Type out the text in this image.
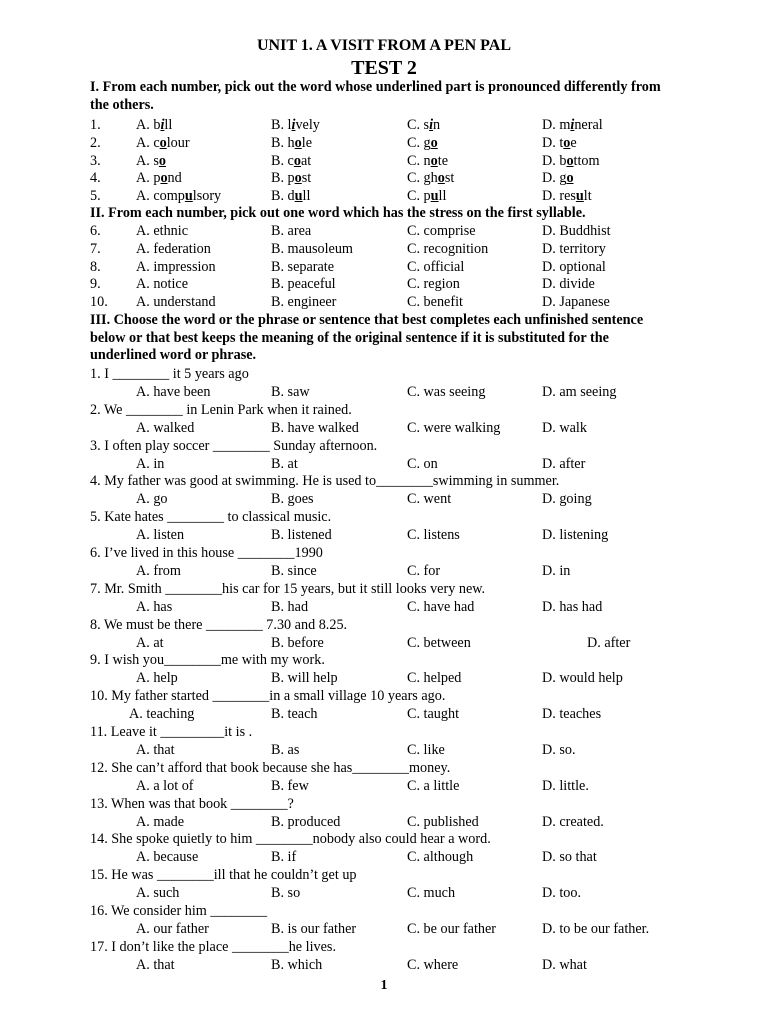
UNIT 1. A VISIT FROM A PEN PAL
TEST 2
I. From each number, pick out the word whose underlined part is pronounced differently from
the others.
1. A. bill	B. lively	C. sin	D. mineral
2. A. colour	B. hole	C. go	D. toe
3. A. so	B. coat	C. note	D. bottom
4. A. pond	B. post	C. ghost	D. go
5. A. compulsory	B. dull	C. pull	D. result
II. From each number, pick out one word which has the stress on the first syllable.
6. A. ethnic	B. area	C. comprise	D. Buddhist
7. A. federation	B. mausoleum	C. recognition	D. territory
8. A. impression	B. separate	C. official	D. optional
9. A. notice	B. peaceful	C. region	D. divide
10. A. understand	B. engineer	C. benefit	D. Japanese
III. Choose the word or the phrase or sentence that best completes each unfinished sentence
below or that best keeps the meaning of the original sentence if it is substituted for the
underlined word or phrase.
1. I ________ it 5 years ago
A. have been	B. saw	C. was seeing	D. am seeing
2. We ________ in Lenin Park when it rained.
A. walked	B. have walked	C. were walking	D. walk
3. I often play soccer ________ Sunday afternoon.
A. in	B. at	C. on	D. after
4. My father was good at swimming. He is used to________swimming in summer.
A. go	B. goes	C. went	D. going
5. Kate hates ________ to classical music.
A. listen	B. listened	C. listens	D. listening
6. I’ve lived in this house ________1990
A. from	B. since	C. for	D. in
7. Mr. Smith ________his car for 15 years, but it still looks very new.
A. has	B. had	C. have had	D. has had
8. We must be there ________ 7.30 and 8.25.
A. at	B. before	C. between	D. after
9. I wish you________me with my work.
A. help	B. will help	C. helped	D. would help
10. My father started ________in a small village 10 years ago.
A. teaching	B. teach	C. taught	D. teaches
11. Leave it _________it is .
A. that	B. as	C. like	D. so.
12. She can’t afford that book because she has________money.
A. a lot of	B. few	C. a little	D. little.
13. When was that book ________?
A. made	B. produced	C. published	D. created.
14. She spoke quietly to him ________nobody also could hear a word.
A. because	B. if	C. although	D. so that
15. He was ________ill that he couldn’t get up
A. such	B. so	C. much	D. too.
16. We consider him ________
A. our father	B. is our father	C. be our father	D. to be our father.
17. I don’t like the place ________he lives.
A. that	B. which	C. where	D. what
1
